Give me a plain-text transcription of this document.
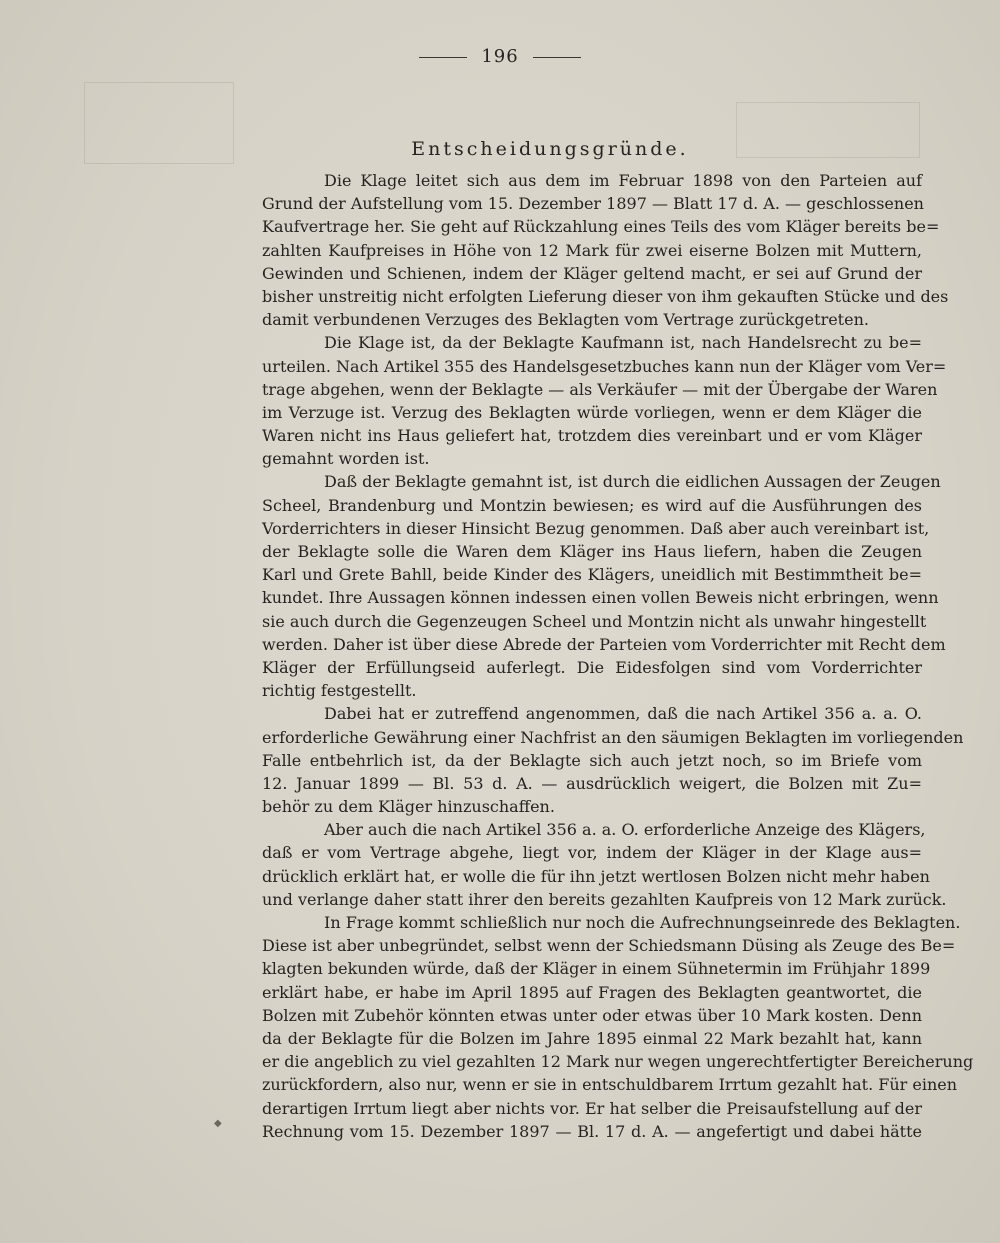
196
Entscheidungsgründe.
Die Klage leitet sich aus dem im Februar 1898 von den Parteien auf
Grund der Aufstellung vom 15. Dezember 1897 — Blatt 17 d. A. — geschlossenen
Kaufvertrage her. Sie geht auf Rückzahlung eines Teils des vom Kläger bereits be=
zahlten Kaufpreises in Höhe von 12 Mark für zwei eiserne Bolzen mit Muttern,
Gewinden und Schienen, indem der Kläger geltend macht, er sei auf Grund der
bisher unstreitig nicht erfolgten Lieferung dieser von ihm gekauften Stücke und des
damit verbundenen Verzuges des Beklagten vom Vertrage zurückgetreten.
Die Klage ist, da der Beklagte Kaufmann ist, nach Handelsrecht zu be=
urteilen. Nach Artikel 355 des Handelsgesetzbuches kann nun der Kläger vom Ver=
trage abgehen, wenn der Beklagte — als Verkäufer — mit der Übergabe der Waren
im Verzuge ist. Verzug des Beklagten würde vorliegen, wenn er dem Kläger die
Waren nicht ins Haus geliefert hat, trotzdem dies vereinbart und er vom Kläger
gemahnt worden ist.
Daß der Beklagte gemahnt ist, ist durch die eidlichen Aussagen der Zeugen
Scheel, Brandenburg und Montzin bewiesen; es wird auf die Ausführungen des
Vorderrichters in dieser Hinsicht Bezug genommen. Daß aber auch vereinbart ist,
der Beklagte solle die Waren dem Kläger ins Haus liefern, haben die Zeugen
Karl und Grete Bahll, beide Kinder des Klägers, uneidlich mit Bestimmtheit be=
kundet. Ihre Aussagen können indessen einen vollen Beweis nicht erbringen, wenn
sie auch durch die Gegenzeugen Scheel und Montzin nicht als unwahr hingestellt
werden. Daher ist über diese Abrede der Parteien vom Vorderrichter mit Recht dem
Kläger der Erfüllungseid auferlegt. Die Eidesfolgen sind vom Vorderrichter
richtig festgestellt.
Dabei hat er zutreffend angenommen, daß die nach Artikel 356 a. a. O.
erforderliche Gewährung einer Nachfrist an den säumigen Beklagten im vorliegenden
Falle entbehrlich ist, da der Beklagte sich auch jetzt noch, so im Briefe vom
12. Januar 1899 — Bl. 53 d. A. — ausdrücklich weigert, die Bolzen mit Zu=
behör zu dem Kläger hinzuschaffen.
Aber auch die nach Artikel 356 a. a. O. erforderliche Anzeige des Klägers,
daß er vom Vertrage abgehe, liegt vor, indem der Kläger in der Klage aus=
drücklich erklärt hat, er wolle die für ihn jetzt wertlosen Bolzen nicht mehr haben
und verlange daher statt ihrer den bereits gezahlten Kaufpreis von 12 Mark zurück.
In Frage kommt schließlich nur noch die Aufrechnungseinrede des Beklagten.
Diese ist aber unbegründet, selbst wenn der Schiedsmann Düsing als Zeuge des Be=
klagten bekunden würde, daß der Kläger in einem Sühnetermin im Frühjahr 1899
erklärt habe, er habe im April 1895 auf Fragen des Beklagten geantwortet, die
Bolzen mit Zubehör könnten etwas unter oder etwas über 10 Mark kosten. Denn
da der Beklagte für die Bolzen im Jahre 1895 einmal 22 Mark bezahlt hat, kann
er die angeblich zu viel gezahlten 12 Mark nur wegen ungerechtfertigter Bereicherung
zurückfordern, also nur, wenn er sie in entschuldbarem Irrtum gezahlt hat. Für einen
derartigen Irrtum liegt aber nichts vor. Er hat selber die Preisaufstellung auf der
Rechnung vom 15. Dezember 1897 — Bl. 17 d. A. — angefertigt und dabei hätte
◆
